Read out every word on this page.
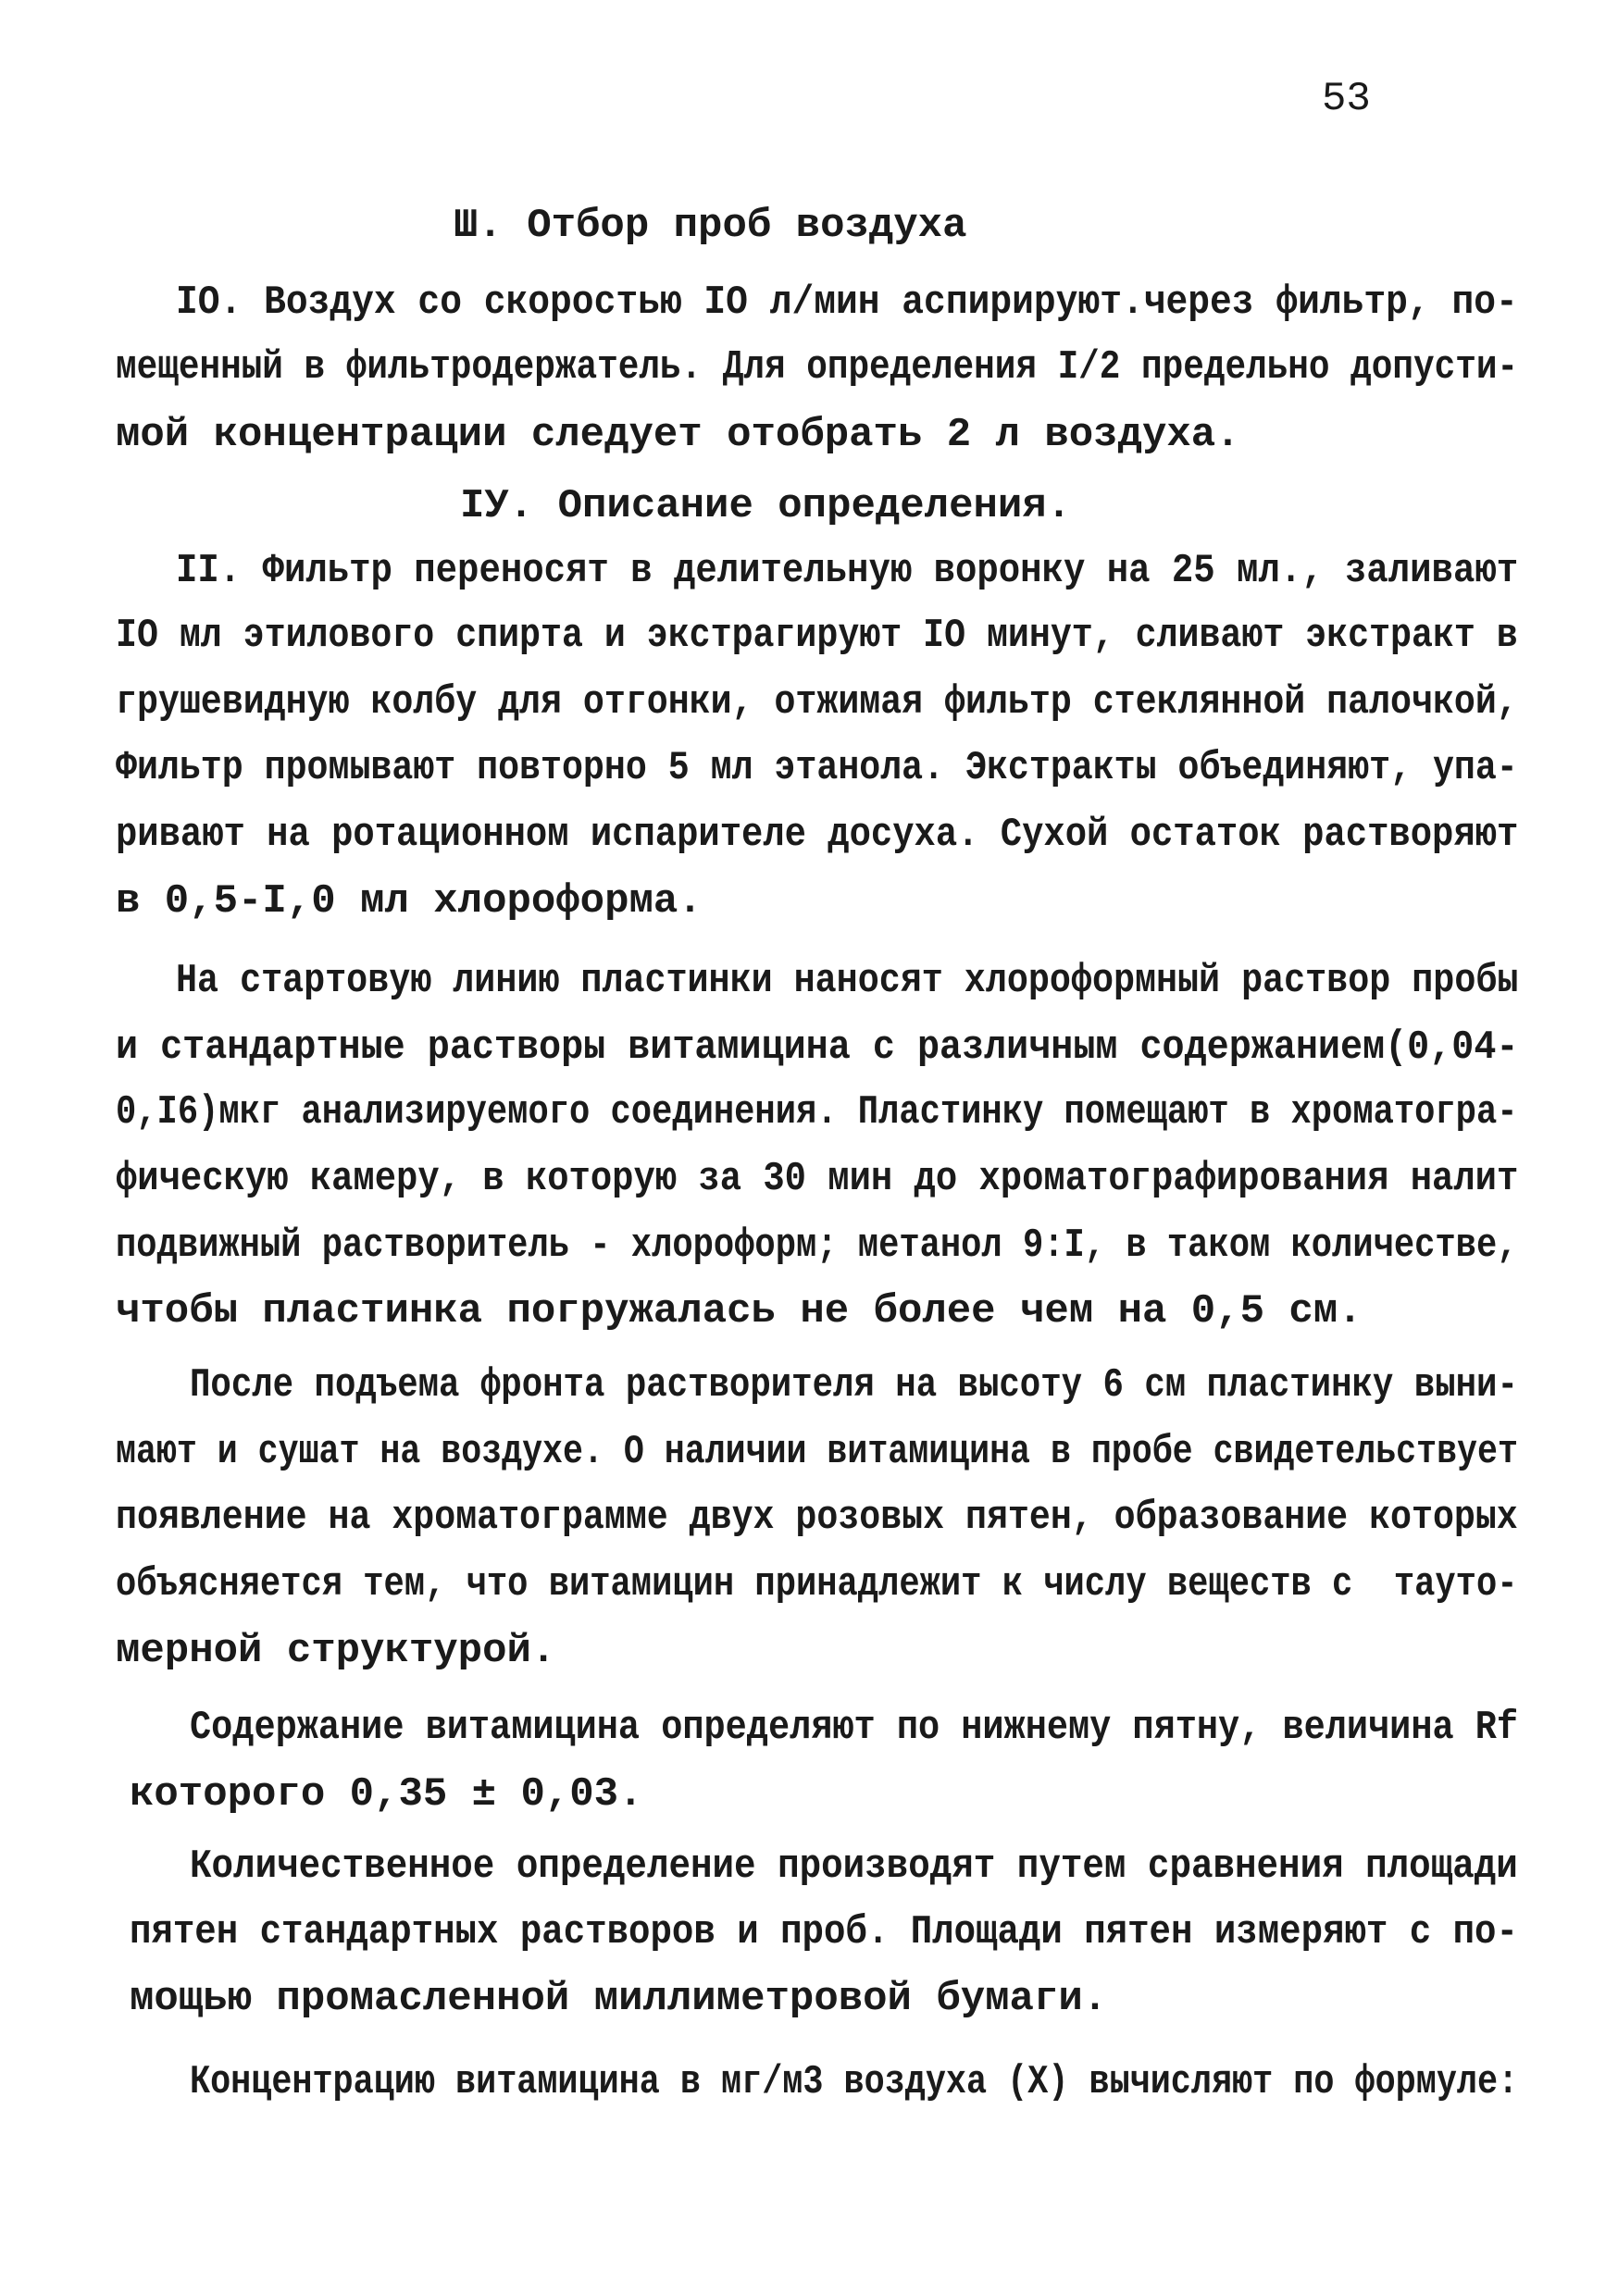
53
Ш. Отбор проб воздуха
IO. Воздух со скоростью IO л/мин аспирируют.через фильтр, по-
мещенный в фильтродержатель. Для определения I/2 предельно допусти-
мой концентрации следует отобрать 2 л воздуха.
IУ. Описание определения.
II. Фильтр переносят в делительную воронку на 25 мл., заливают
IO мл этилового спирта и экстрагируют IO минут, сливают экстракт в
грушевидную колбу для отгонки, отжимая фильтр стеклянной палочкой,
Фильтр промывают повторно 5 мл этанола. Экстракты объединяют, упа-
ривают на ротационном испарителе досуха. Сухой остаток растворяют
в 0,5-I,0 мл хлороформа.
На стартовую линию пластинки наносят хлороформный раствор пробы
и стандартные растворы витамицина с различным содержанием(0,04-
0,I6)мкг анализируемого соединения. Пластинку помещают в хроматогра-
фическую камеру, в которую за 30 мин до хроматографирования налит
подвижный растворитель - хлороформ; метанол 9:I, в таком количестве,
чтобы пластинка погружалась не более чем на 0,5 см.
После подъема фронта растворителя на высоту 6 см пластинку выни-
мают и сушат на воздухе. О наличии витамицина в пробе свидетельствует
появление на хроматограмме двух розовых пятен, образование которых
объясняется тем, что витамицин принадлежит к числу веществ с  тауто-
мерной структурой.
Содержание витамицина определяют по нижнему пятну, величина Rf
которого 0,35 ± 0,03.
Количественное определение производят путем сравнения площади
пятен стандартных растворов и проб. Площади пятен измеряют с по-
мощью промасленной миллиметровой бумаги.
Концентрацию витамицина в мг/м3 воздуха (X) вычисляют по формуле:
